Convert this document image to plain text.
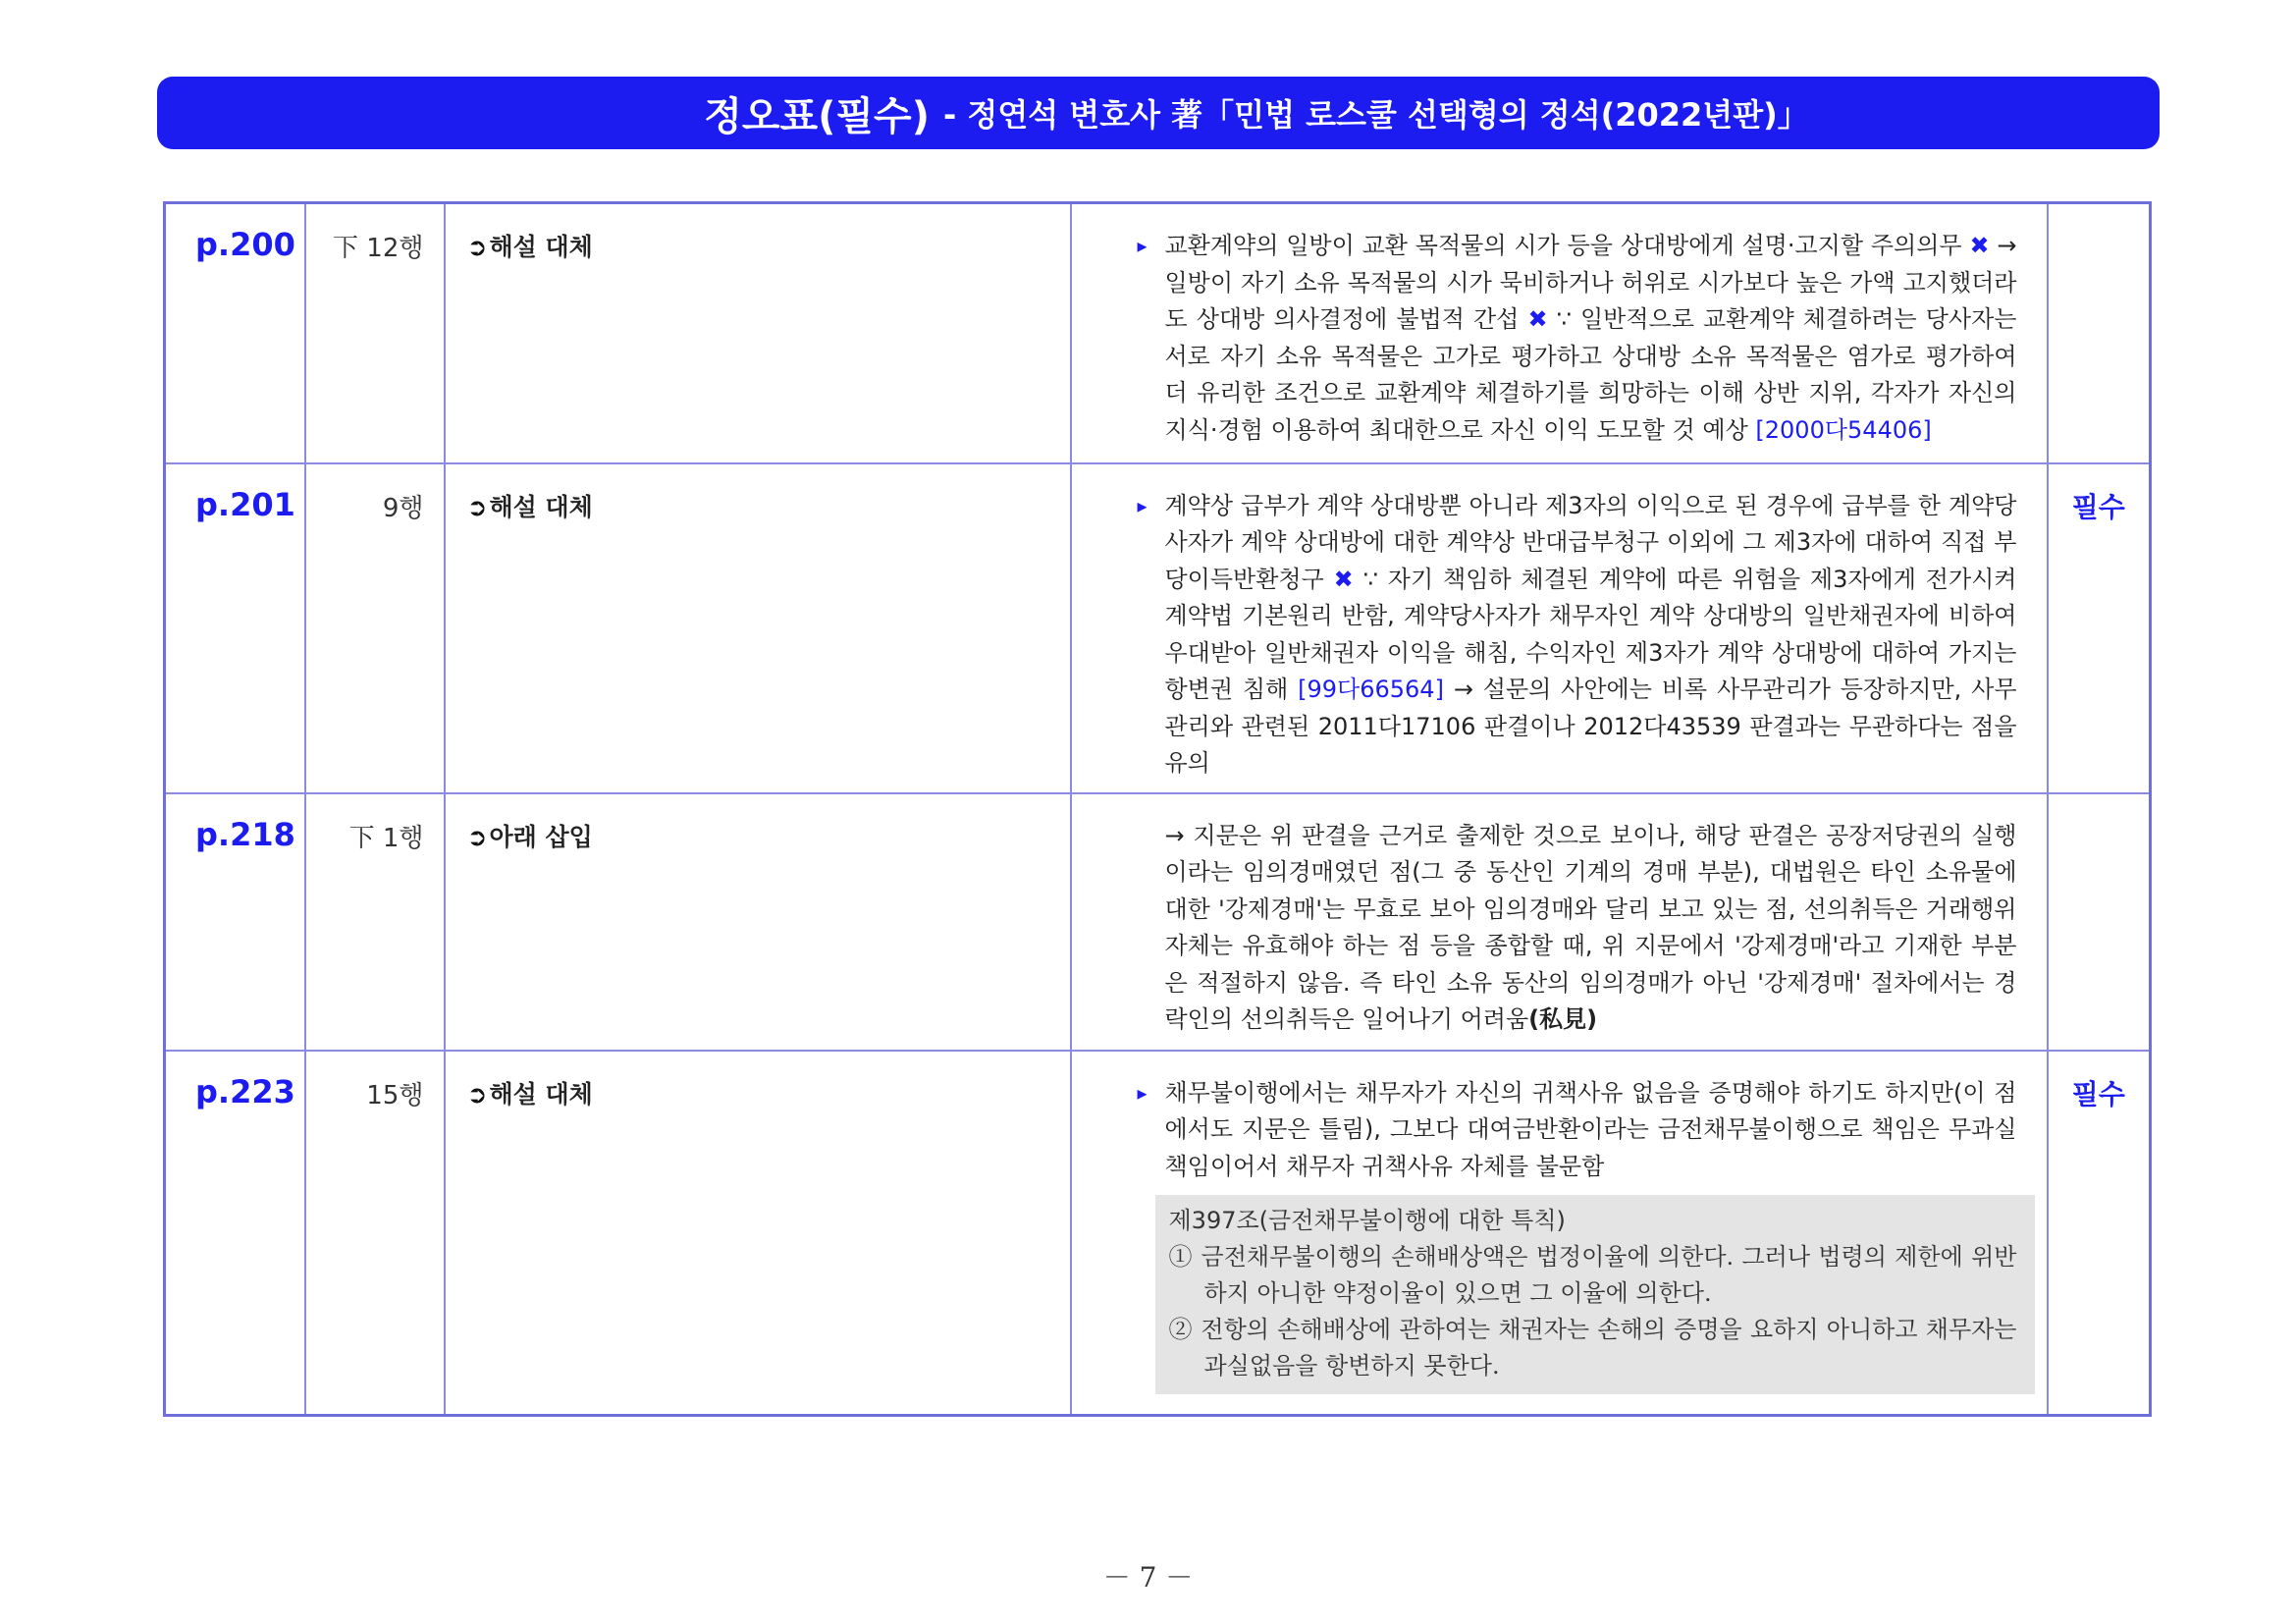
정오표(필수) - 정연석 변호사 著「민법 로스쿨 선택형의 정석(2022년판)」
p.200	下 12행	➲해설 대체	▸ 교환계약의 일방이 교환 목적물의 시가 등을 상대방에게 설명·고지할 주의의무 ✖ → 일방이 자기 소유 목적물의 시가 묵비하거나 허위로 시가보다 높은 가액 고지했더라도 상대방 의사결정에 불법적 간섭 ✖ ∵ 일반적으로 교환계약 체결하려는 당사자는 서로 자기 소유 목적물은 고가로 평가하고 상대방 소유 목적물은 염가로 평가하여 더 유리한 조건으로 교환계약 체결하기를 희망하는 이해 상반 지위, 각자가 자신의 지식·경험 이용하여 최대한으로 자신 이익 도모할 것 예상 [2000다54406]

p.201	9행	➲해설 대체	▸ 계약상 급부가 계약 상대방뿐 아니라 제3자의 이익으로 된 경우에 급부를 한 계약당사자가 계약 상대방에 대한 계약상 반대급부청구 이외에 그 제3자에 대하여 직접 부당이득반환청구 ✖ ∵ 자기 책임하 체결된 계약에 따른 위험을 제3자에게 전가시켜 계약법 기본원리 반함, 계약당사자가 채무자인 계약 상대방의 일반채권자에 비하여 우대받아 일반채권자 이익을 해침, 수익자인 제3자가 계약 상대방에 대하여 가지는 항변권 침해 [99다66564] → 설문의 사안에는 비록 사무관리가 등장하지만, 사무관리와 관련된 2011다17106 판결이나 2012다43539 판결과는 무관하다는 점을 유의	필수
p.218	下 1행	➲아래 삽입	→ 지문은 위 판결을 근거로 출제한 것으로 보이나, 해당 판결은 공장저당권의 실행이라는 임의경매였던 점(그 중 동산인 기계의 경매 부분), 대법원은 타인 소유물에 대한 '강제경매'는 무효로 보아 임의경매와 달리 보고 있는 점, 선의취득은 거래행위 자체는 유효해야 하는 점 등을 종합할 때, 위 지문에서 '강제경매'라고 기재한 부분은 적절하지 않음. 즉 타인 소유 동산의 임의경매가 아닌 '강제경매' 절차에서는 경락인의 선의취득은 일어나기 어려움(私見)	

p.223	15행	➲해설 대체	▸ 채무불이행에서는 채무자가 자신의 귀책사유 없음을 증명해야 하기도 하지만(이 점에서도 지문은 틀림), 그보다 대여금반환이라는 금전채무불이행으로 책임은 무과실책임이어서 채무자 귀책사유 자체를 불문함
제397조(금전채무불이행에 대한 특칙)
① 금전채무불이행의 손해배상액은 법정이율에 의한다. 그러나 법령의 제한에 위반하지 아니한 약정이율이 있으면 그 이율에 의한다.
② 전항의 손해배상에 관하여는 채권자는 손해의 증명을 요하지 아니하고 채무자는 과실없음을 항변하지 못한다.	필수
－ 7 －
